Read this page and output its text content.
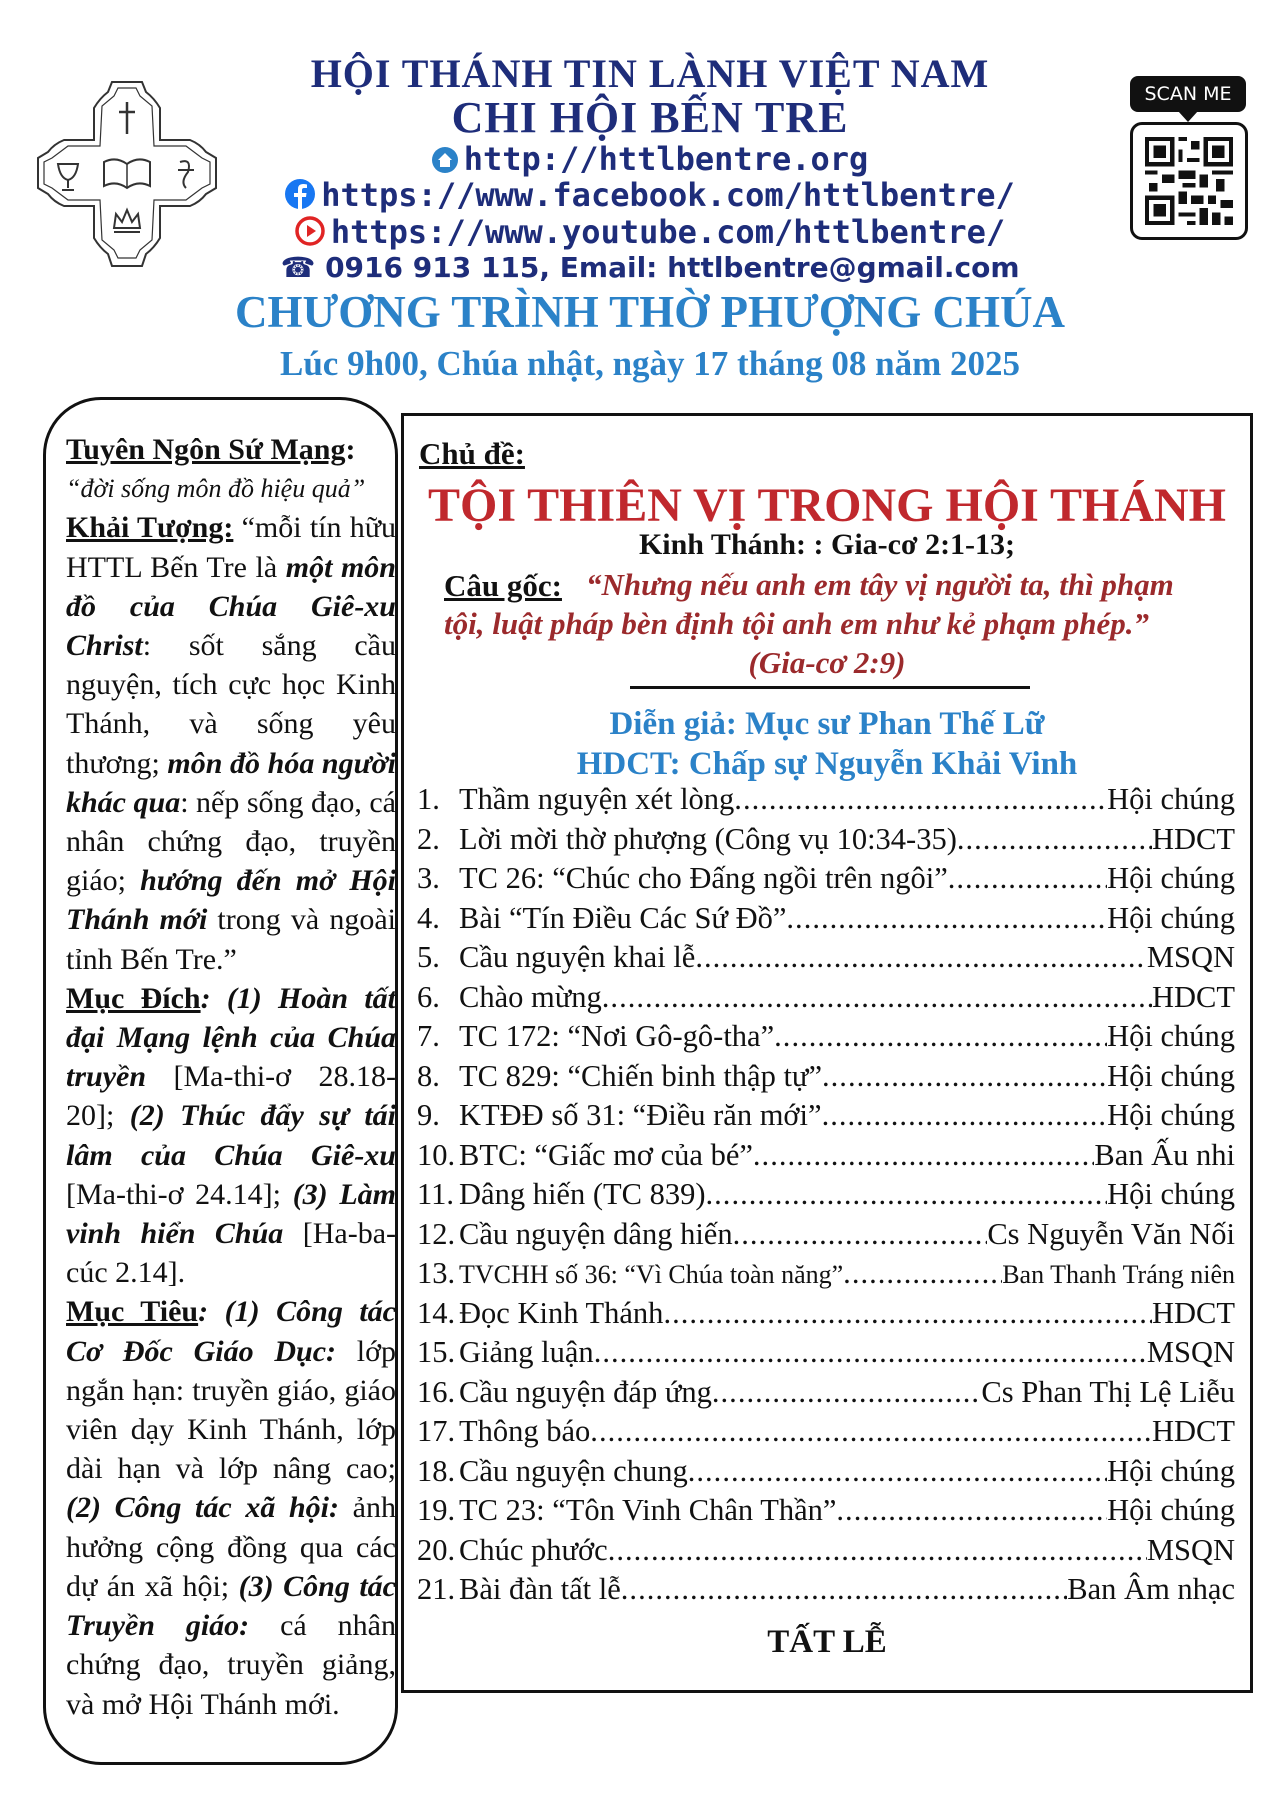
HỘI THÁNH TIN LÀNH VIỆT NAM
CHI HỘI BẾN TRE
http://httlbentre.org
https://www.facebook.com/httlbentre/
https://www.youtube.com/httlbentre/
☎ 0916 913 115, Email: httlbentre@gmail.com
CHƯƠNG TRÌNH THỜ PHƯỢNG CHÚA
Lúc 9h00, Chúa nhật, ngày 17 tháng 08 năm 2025
SCAN ME

Tuyên Ngôn Sứ Mạng:

“đời sống môn đồ hiệu quả”

Khải Tượng: “mỗi tín hữu HTTL Bến Tre là một môn đồ của Chúa Giê-xu Christ: sốt sắng cầu nguyện, tích cực học Kinh Thánh, và sống yêu thương; môn đồ hóa người khác qua: nếp sống đạo, cá nhân chứng đạo, truyền giáo; hướng đến mở Hội Thánh mới trong và ngoài tỉnh Bến Tre.”

Mục Đích: (1) Hoàn tất đại Mạng lệnh của Chúa truyền [Ma-thi-ơ 28.18-20]; (2) Thúc đẩy sự tái lâm của Chúa Giê-xu [Ma-thi-ơ 24.14]; (3) Làm vinh hiển Chúa [Ha-ba-cúc 2.14].

Mục Tiêu: (1) Công tác Cơ Đốc Giáo Dục: lớp ngắn hạn: truyền giáo, giáo viên dạy Kinh Thánh, lớp dài hạn và lớp nâng cao; (2) Công tác xã hội: ảnh hưởng cộng đồng qua các dự án xã hội; (3) Công tác Truyền giáo: cá nhân chứng đạo, truyền giảng, và mở Hội Thánh mới.

Chủ đề:
TỘI THIÊN VỊ TRONG HỘI THÁNH
Kinh Thánh: : Gia-cơ 2:1-13;
Câu gốc: “Nhưng nếu anh em tây vị người ta, thì phạm
tội, luật pháp bèn định tội anh em như kẻ phạm phép.”
(Gia-cơ 2:9)
Diễn giả: Mục sư Phan Thế Lữ
HDCT: Chấp sự Nguyễn Khải Vinh
1. Thầm nguyện xét lòng . . .	Hội chúng
2. Lời mời thờ phượng (Công vụ 10:34-35) . . .	HDCT
3. TC 26: “Chúc cho Đấng ngồi trên ngôi” . . .	Hội chúng
4. Bài “Tín Điều Các Sứ Đồ” . . .	Hội chúng
5. Cầu nguyện khai lễ . . .	MSQN
6. Chào mừng . . .	HDCT
7. TC 172: “Nơi Gô-gô-tha” . . .	Hội chúng
8. TC 829: “Chiến binh thập tự” . . .	Hội chúng
9. KTĐĐ số 31: “Điều răn mới” . . .	Hội chúng
10. BTC: “Giấc mơ của bé” . . .	Ban Ấu nhi
11. Dâng hiến (TC 839) . . .	Hội chúng
12. Cầu nguyện dâng hiến . . .	Cs Nguyễn Văn Nối
13. TVCHH số 36: “Vì Chúa toàn năng” . . .	Ban Thanh Tráng niên
14. Đọc Kinh Thánh . . .	HDCT
15. Giảng luận . . .	MSQN
16. Cầu nguyện đáp ứng . . .	Cs Phan Thị Lệ Liễu
17. Thông báo . . .	HDCT
18. Cầu nguyện chung . . .	Hội chúng
19. TC 23: “Tôn Vinh Chân Thần” . . .	Hội chúng
20. Chúc phước . . .	MSQN
21. Bài đàn tất lễ . . .	Ban Âm nhạc
TẤT LỄ
